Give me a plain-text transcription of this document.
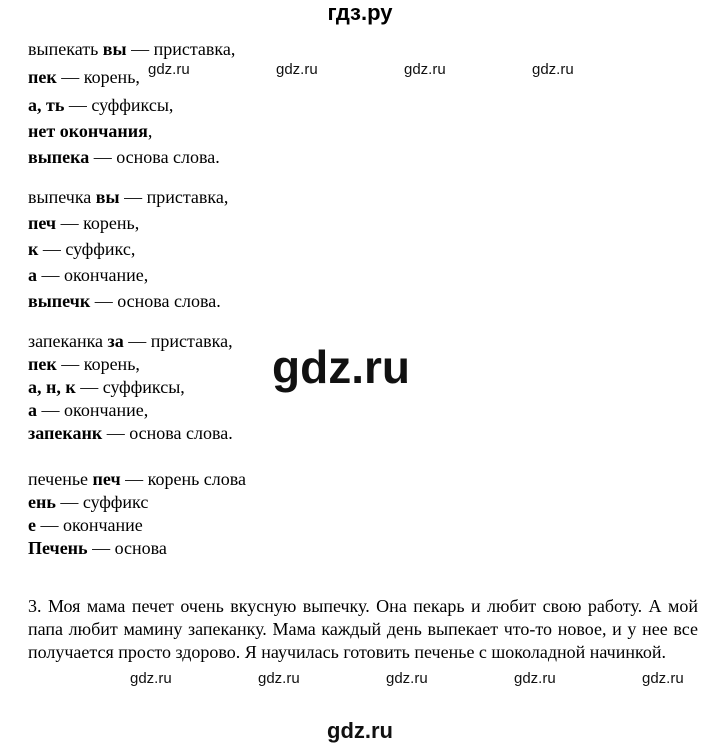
гдз.ру
выпекать вы — приставка,
пек — корень,
а, ть — суффиксы,
нет окончания,
выпека — основа слова.
выпечка вы — приставка,
печ — корень,
к — суффикс,
а — окончание,
выпечк — основа слова.
запеканка за — приставка,
пек — корень,
а, н, к — суффиксы,
а — окончание,
запеканк — основа слова.
печенье печ — корень слова
ень — суффикс
е — окончание
Печень — основа
3. Моя мама печет очень вкусную выпечку. Она пекарь и любит свою работу. А мой папа любит мамину запеканку. Мама каждый день выпекает что-то новое, и у нее все получается просто здорово. Я научилась готовить печенье с шоколадной начинкой.
gdz.ru	gdz.ru	gdz.ru	gdz.ru
gdz.ru
gdz.ru	gdz.ru	gdz.ru	gdz.ru	gdz.ru
gdz.ru
